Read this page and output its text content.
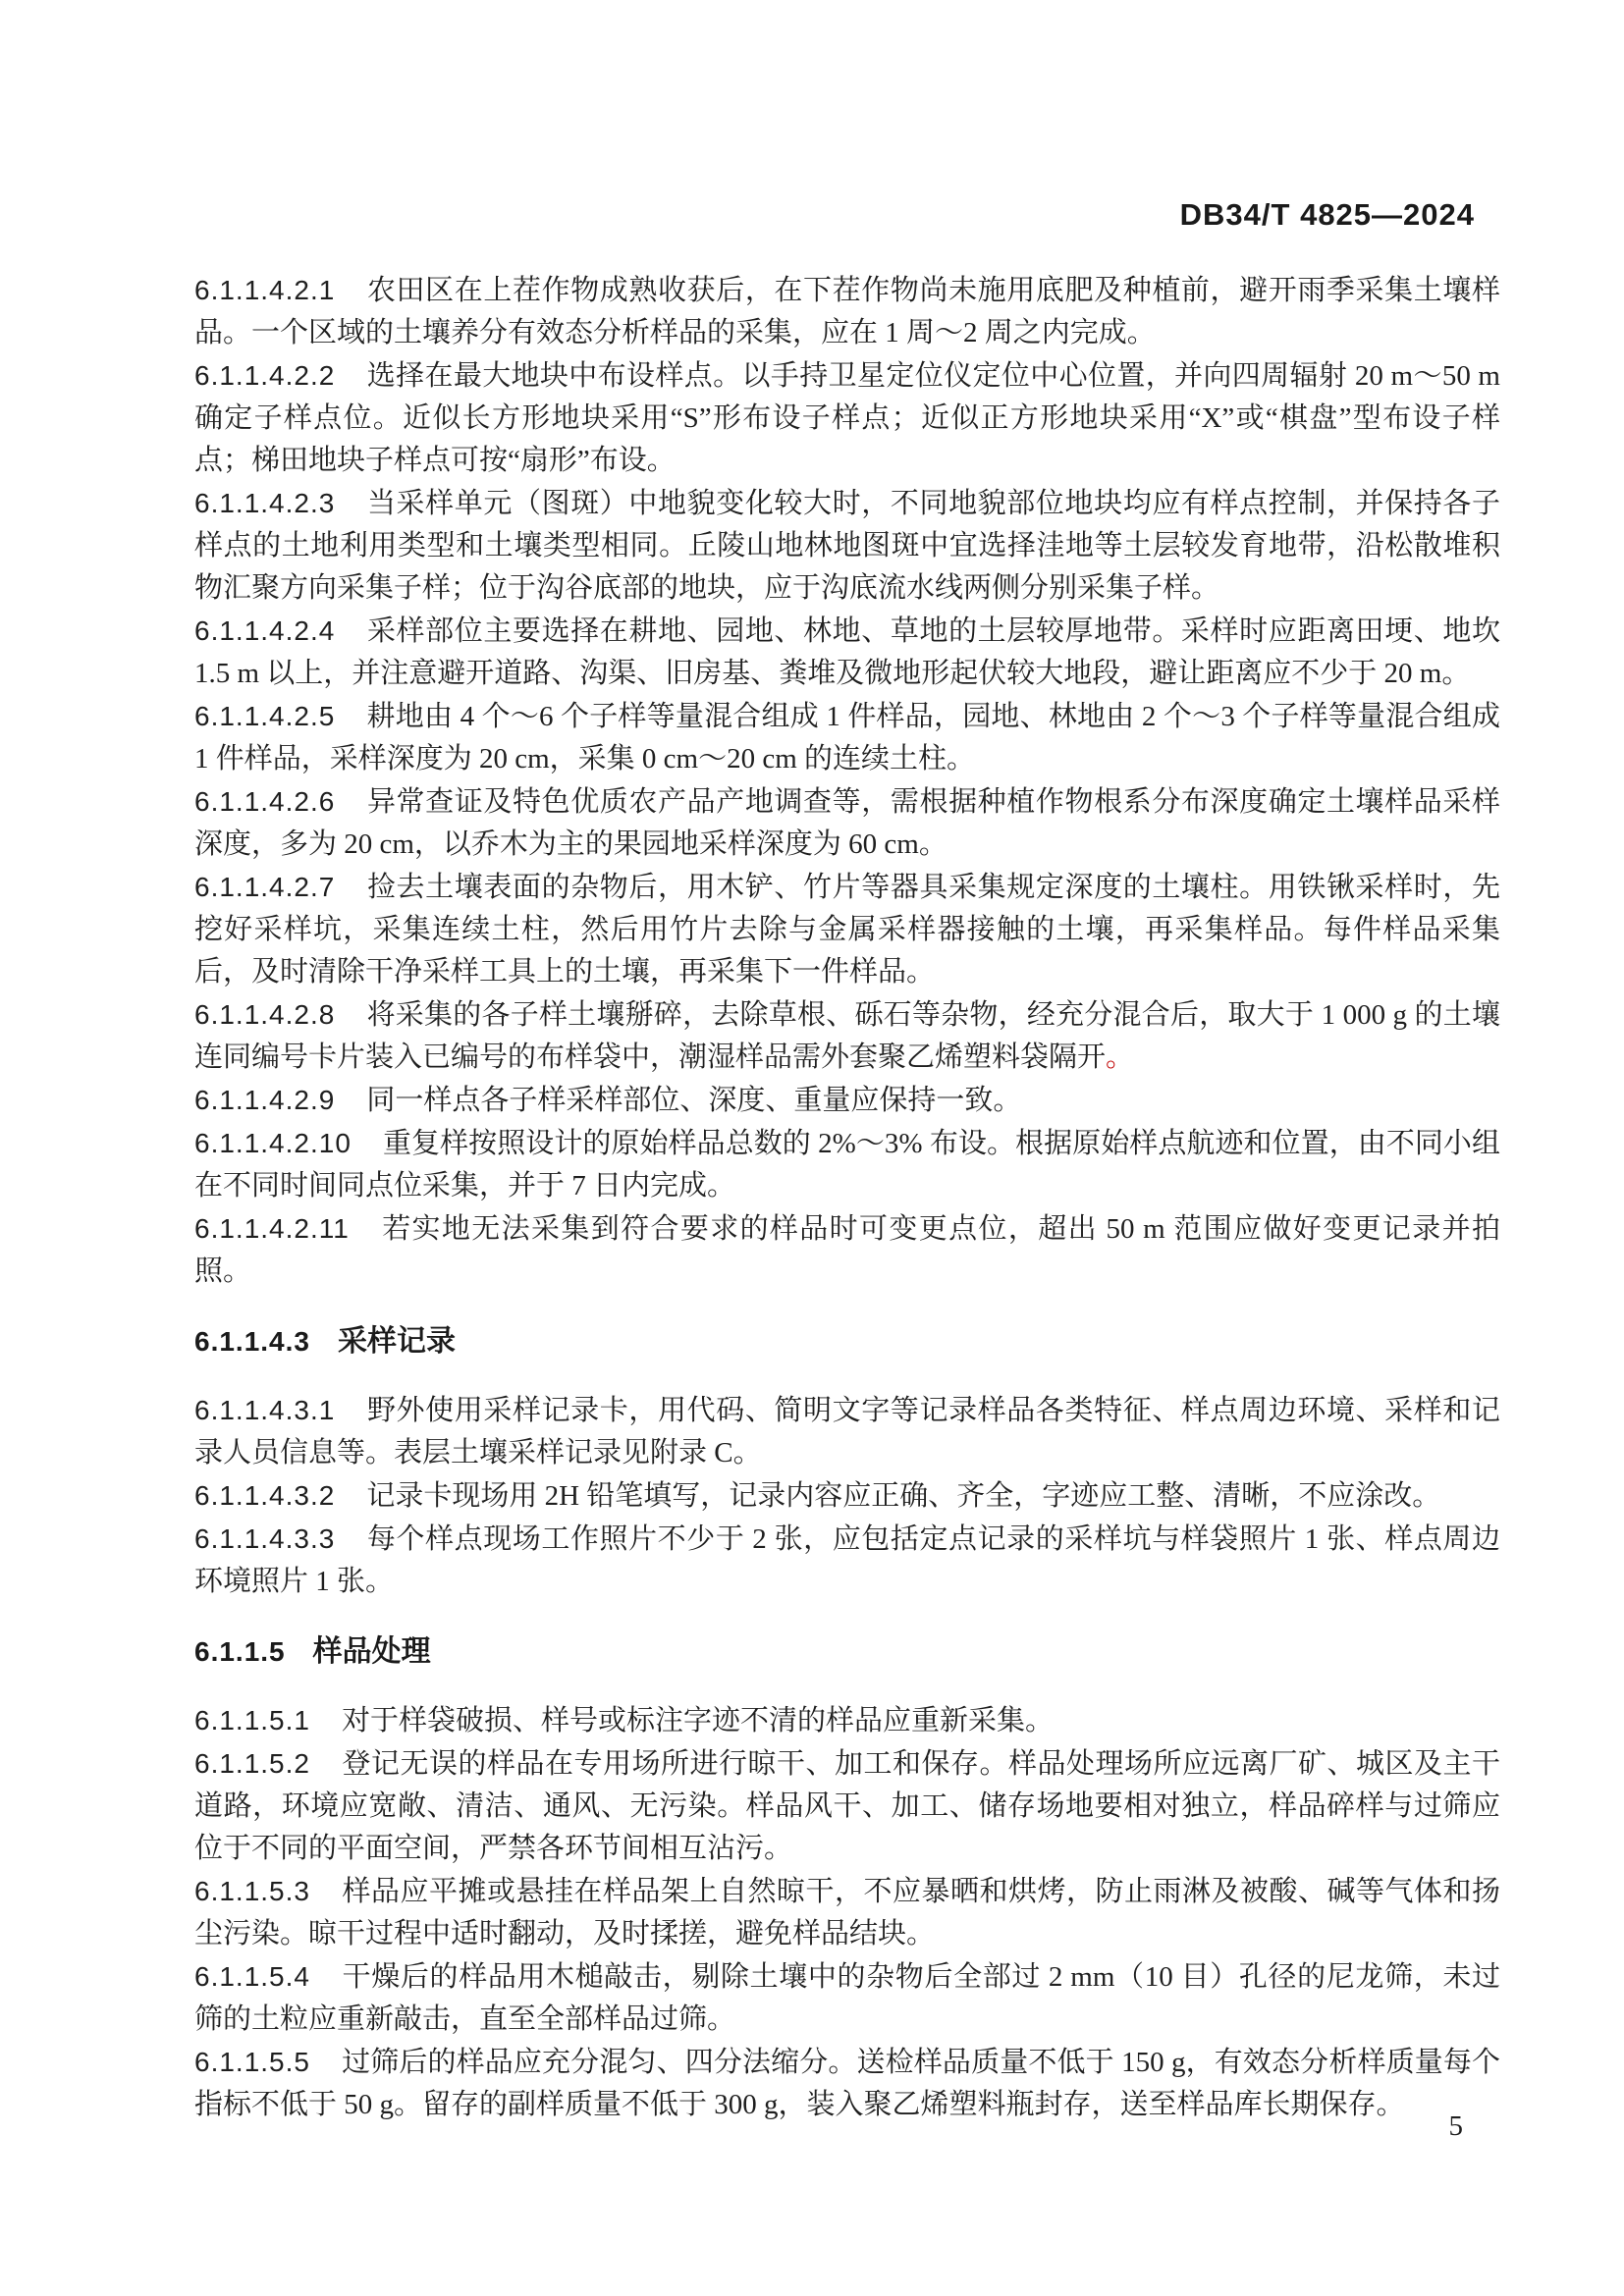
DB34/T 4825—2024

6.1.1.4.2.1 农田区在上茬作物成熟收获后，在下茬作物尚未施用底肥及种植前，避开雨季采集土壤样品。一个区域的土壤养分有效态分析样品的采集，应在 1 周～2 周之内完成。

6.1.1.4.2.2 选择在最大地块中布设样点。以手持卫星定位仪定位中心位置，并向四周辐射 20 m～50 m 确定子样点位。近似长方形地块采用“S”形布设子样点；近似正方形地块采用“X”或“棋盘”型布设子样点；梯田地块子样点可按“扇形”布设。

6.1.1.4.2.3 当采样单元（图斑）中地貌变化较大时，不同地貌部位地块均应有样点控制，并保持各子样点的土地利用类型和土壤类型相同。丘陵山地林地图斑中宜选择洼地等土层较发育地带，沿松散堆积物汇聚方向采集子样；位于沟谷底部的地块，应于沟底流水线两侧分别采集子样。

6.1.1.4.2.4 采样部位主要选择在耕地、园地、林地、草地的土层较厚地带。采样时应距离田埂、地坎 1.5 m 以上，并注意避开道路、沟渠、旧房基、粪堆及微地形起伏较大地段，避让距离应不少于 20 m。

6.1.1.4.2.5 耕地由 4 个～6 个子样等量混合组成 1 件样品，园地、林地由 2 个～3 个子样等量混合组成 1 件样品，采样深度为 20 cm，采集 0 cm～20 cm 的连续土柱。

6.1.1.4.2.6 异常查证及特色优质农产品产地调查等，需根据种植作物根系分布深度确定土壤样品采样深度，多为 20 cm，以乔木为主的果园地采样深度为 60 cm。

6.1.1.4.2.7 捡去土壤表面的杂物后，用木铲、竹片等器具采集规定深度的土壤柱。用铁锹采样时，先挖好采样坑，采集连续土柱，然后用竹片去除与金属采样器接触的土壤，再采集样品。每件样品采集后，及时清除干净采样工具上的土壤，再采集下一件样品。

6.1.1.4.2.8 将采集的各子样土壤掰碎，去除草根、砾石等杂物，经充分混合后，取大于 1 000 g 的土壤连同编号卡片装入已编号的布样袋中，潮湿样品需外套聚乙烯塑料袋隔开。

6.1.1.4.2.9 同一样点各子样采样部位、深度、重量应保持一致。

6.1.1.4.2.10 重复样按照设计的原始样品总数的 2%～3% 布设。根据原始样点航迹和位置，由不同小组在不同时间同点位采集，并于 7 日内完成。

6.1.1.4.2.11 若实地无法采集到符合要求的样品时可变更点位，超出 50 m 范围应做好变更记录并拍照。

6.1.1.4.3 采样记录

6.1.1.4.3.1 野外使用采样记录卡，用代码、简明文字等记录样品各类特征、样点周边环境、采样和记录人员信息等。表层土壤采样记录见附录 C。

6.1.1.4.3.2 记录卡现场用 2H 铅笔填写，记录内容应正确、齐全，字迹应工整、清晰，不应涂改。

6.1.1.4.3.3 每个样点现场工作照片不少于 2 张，应包括定点记录的采样坑与样袋照片 1 张、样点周边环境照片 1 张。

6.1.1.5 样品处理

6.1.1.5.1 对于样袋破损、样号或标注字迹不清的样品应重新采集。

6.1.1.5.2 登记无误的样品在专用场所进行晾干、加工和保存。样品处理场所应远离厂矿、城区及主干道路，环境应宽敞、清洁、通风、无污染。样品风干、加工、储存场地要相对独立，样品碎样与过筛应位于不同的平面空间，严禁各环节间相互沾污。

6.1.1.5.3 样品应平摊或悬挂在样品架上自然晾干，不应暴晒和烘烤，防止雨淋及被酸、碱等气体和扬尘污染。晾干过程中适时翻动，及时揉搓，避免样品结块。

6.1.1.5.4 干燥后的样品用木槌敲击，剔除土壤中的杂物后全部过 2 mm（10 目）孔径的尼龙筛，未过筛的土粒应重新敲击，直至全部样品过筛。

6.1.1.5.5 过筛后的样品应充分混匀、四分法缩分。送检样品质量不低于 150 g，有效态分析样质量每个指标不低于 50 g。留存的副样质量不低于 300 g，装入聚乙烯塑料瓶封存，送至样品库长期保存。

5
